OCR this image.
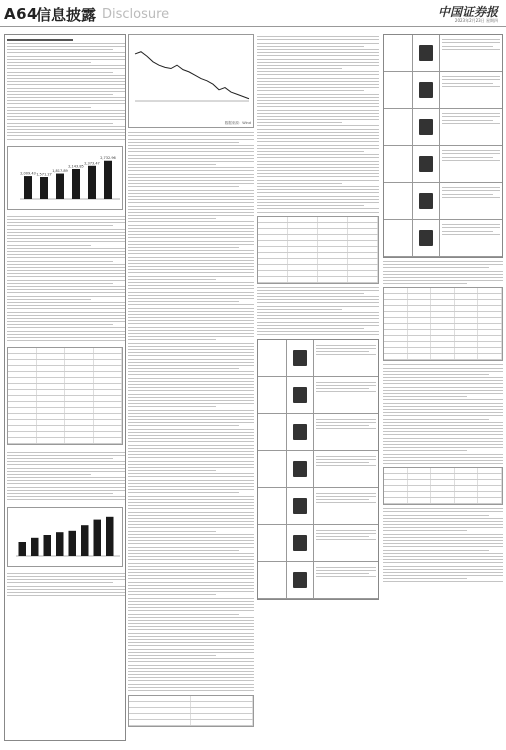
A64
信息披露 Disclosure	中国证券报
2023年2月23日 星期四
2,009.43 1,571.27
1,817.89
2,143.85
2,373.47
2,732.96
数据来源：Wind
